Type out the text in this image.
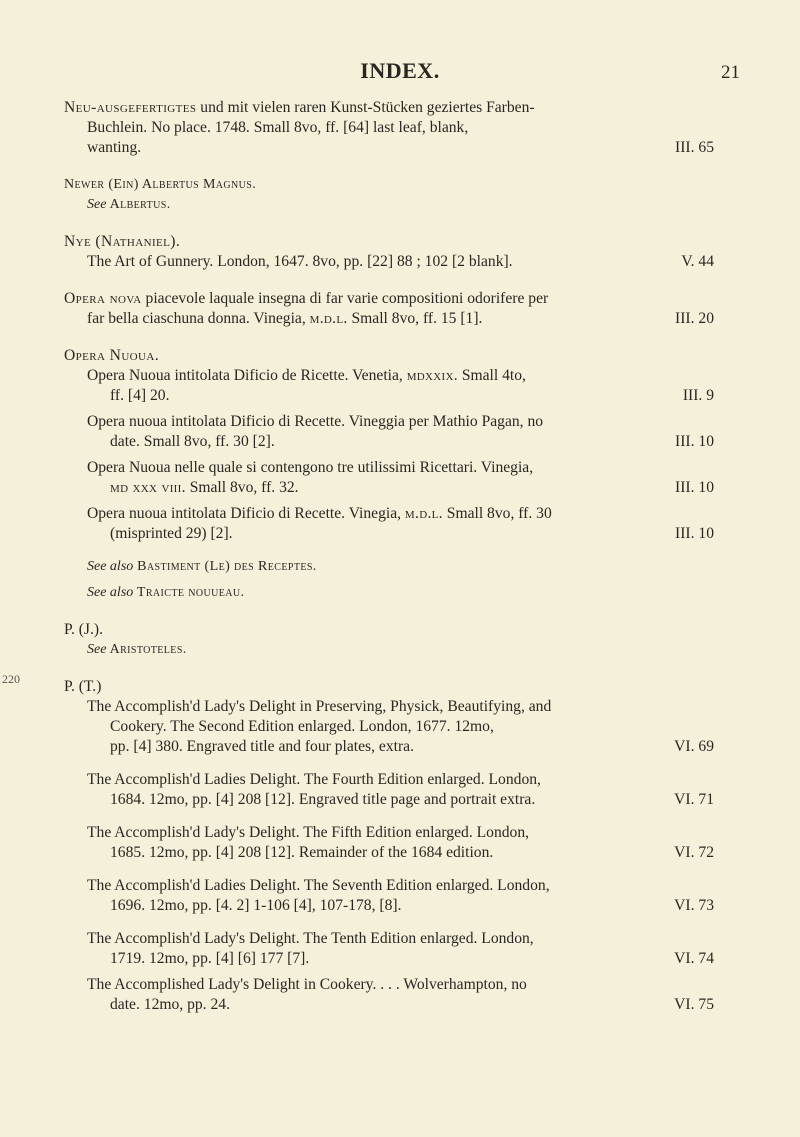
INDEX.	21
220
Neu-ausgefertigtes und mit vielen raren Kunst-Stücken geziertes Farben-
Buchlein. No place. 1748. Small 8vo, ff. [64] last leaf, blank,
wanting.	III. 65
Newer (Ein) Albertus Magnus.
See Albertus.
Nye (Nathaniel).
The Art of Gunnery. London, 1647. 8vo, pp. [22] 88 ; 102 [2 blank].	V. 44
Opera nova piacevole laquale insegna di far varie compositioni odorifere per
far bella ciaschuna donna. Vinegia, m.d.l. Small 8vo, ff. 15 [1].	III. 20
Opera Nuoua.
Opera Nuoua intitolata Dificio de Ricette. Venetia, mdxxix. Small 4to,
ff. [4] 20.	III. 9
Opera nuoua intitolata Dificio di Recette. Vineggia per Mathio Pagan, no
date. Small 8vo, ff. 30 [2].	III. 10
Opera Nuoua nelle quale si contengono tre utilissimi Ricettari. Vinegia,
md xxx viii. Small 8vo, ff. 32.	III. 10
Opera nuoua intitolata Dificio di Recette. Vinegia, m.d.l. Small 8vo, ff. 30
(misprinted 29) [2].	III. 10
See also Bastiment (Le) des Receptes.
See also Traicte nouueau.
P. (J.).
See Aristoteles.
P. (T.)
The Accomplish'd Lady's Delight in Preserving, Physick, Beautifying, and
Cookery. The Second Edition enlarged. London, 1677. 12mo,
pp. [4] 380. Engraved title and four plates, extra.	VI. 69
The Accomplish'd Ladies Delight. The Fourth Edition enlarged. London,
1684. 12mo, pp. [4] 208 [12]. Engraved title page and portrait extra.	VI. 71
The Accomplish'd Lady's Delight. The Fifth Edition enlarged. London,
1685. 12mo, pp. [4] 208 [12]. Remainder of the 1684 edition.	VI. 72
The Accomplish'd Ladies Delight. The Seventh Edition enlarged. London,
1696. 12mo, pp. [4. 2] 1-106 [4], 107-178, [8].	VI. 73
The Accomplish'd Lady's Delight. The Tenth Edition enlarged. London,
1719. 12mo, pp. [4] [6] 177 [7].	VI. 74
The Accomplished Lady's Delight in Cookery. . . . Wolverhampton, no
date. 12mo, pp. 24.	VI. 75
